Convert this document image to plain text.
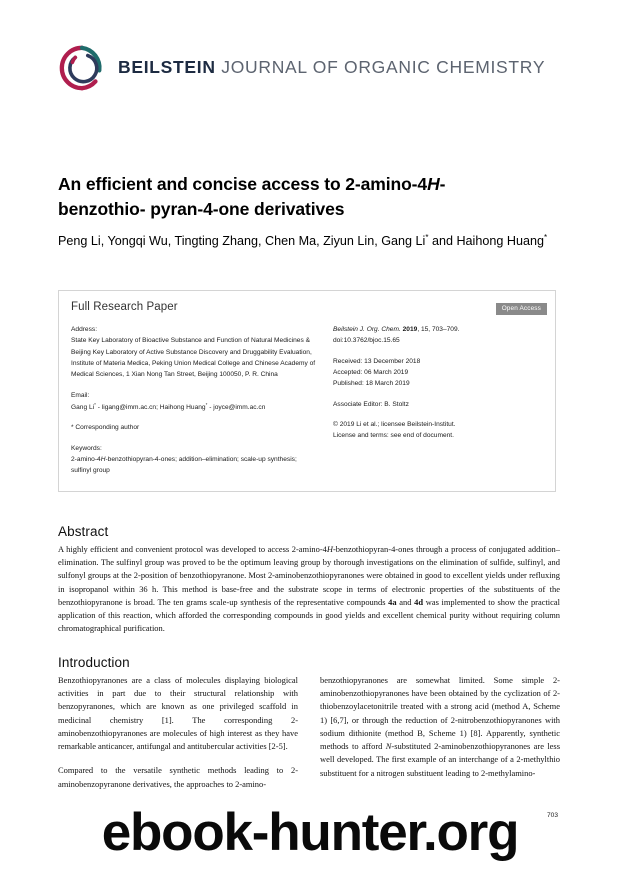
BEILSTEIN JOURNAL OF ORGANIC CHEMISTRY
An efficient and concise access to 2-amino-4H-benzothio- pyran-4-one derivatives
Peng Li, Yongqi Wu, Tingting Zhang, Chen Ma, Ziyun Lin, Gang Li* and Haihong Huang*
Full Research Paper
Address:
State Key Laboratory of Bioactive Substance and Function of Natural Medicines & Beijing Key Laboratory of Active Substance Discovery and Druggability Evaluation, Institute of Materia Medica, Peking Union Medical College and Chinese Academy of Medical Sciences, 1 Xian Nong Tan Street, Beijing 100050, P. R. China
Email:
Gang Li* - ligang@imm.ac.cn; Haihong Huang* - joyce@imm.ac.cn
* Corresponding author
Keywords:
2-amino-4H-benzothiopyran-4-ones; addition–elimination; scale-up synthesis; sulfinyl group
Open Access
Beilstein J. Org. Chem. 2019, 15, 703–709.
doi:10.3762/bjoc.15.65
Received: 13 December 2018
Accepted: 06 March 2019
Published: 18 March 2019
Associate Editor: B. Stoltz
© 2019 Li et al.; licensee Beilstein-Institut.
License and terms: see end of document.
Abstract
A highly efficient and convenient protocol was developed to access 2-amino-4H-benzothiopyran-4-ones through a process of conjugated addition–elimination. The sulfinyl group was proved to be the optimum leaving group by thorough investigations on the elimination of sulfide, sulfinyl, and sulfonyl groups at the 2-position of benzothiopyranone. Most 2-aminobenzothiopyranones were obtained in good to excellent yields under refluxing in isopropanol within 36 h. This method is base-free and the substrate scope in terms of electronic properties of the substituents of the benzothiopyranone is broad. The ten grams scale-up synthesis of the representative compounds 4a and 4d was implemented to show the practical application of this reaction, which afforded the corresponding compounds in good yields and excellent chemical purity without requiring column chromatographical purification.
Introduction

Benzothiopyranones are a class of molecules displaying biological activities in part due to their structural relationship with benzopyranones, which are known as one privileged scaffold in medicinal chemistry [1]. The corresponding 2-aminobenzothiopyranones are molecules of high interest as they have remarkable anticancer, antifungal and antitubercular activities [2-5].

Compared to the versatile synthetic methods leading to 2-aminobenzopyranone derivatives, the approaches to 2-amino-

benzothiopyranones are somewhat limited. Some simple 2-aminobenzothiopyranones have been obtained by the cyclization of 2-thiobenzoylacetonitrile treated with a strong acid (method A, Scheme 1) [6,7], or through the reduction of 2-nitrobenzothiopyranones with sodium dithionite (method B, Scheme 1) [8]. Apparently, synthetic methods to afford N-substituted 2-aminobenzothiopyranones are less well developed. The first example of an interchange of a 2-methylthio substituent for a nitrogen substituent leading to 2-methylamino-

703
ebook-hunter.org
